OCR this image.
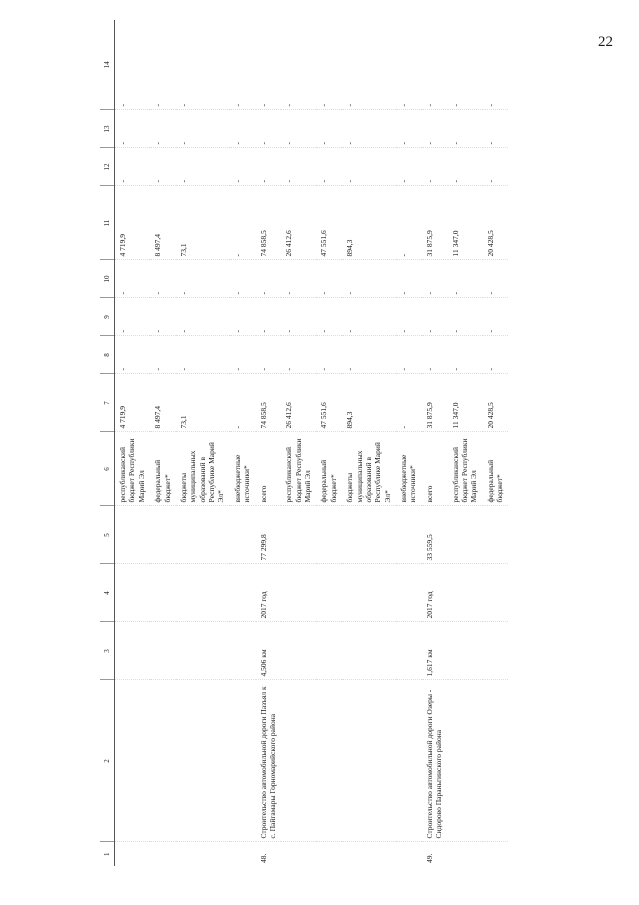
22
1	2	3	4	5	6	7	8	9	10	11	12	13	14
					республиканский бюджет Республики Марий Эл	4 719,9	-	-	-	4 719,9	-	-	-
					федеральный бюджет*	8 497,4	-	-	-	8 497,4	-	-	-
					бюджеты муниципальных образований в Республике Марий Эл*	73,1	-	-	-	73,1	-	-	-
					внебюджетные источники*	-	-	-	-	-	-	-	-
48.	Строительство автомобильной дороги Пазъял к с. Пайгамары Горномарийского района	4,506 км	2017 год	77 299,8	всего	74 858,5	-	-	-	74 858,5	-	-	-
					республиканский бюджет Республики Марий Эл	26 412,6	-	-	-	26 412,6	-	-	-
					федеральный бюджет*	47 551,6	-	-	-	47 551,6	-	-	-
					бюджеты муниципальных образований в Республике Марий Эл*	894,3	-	-	-	894,3	-	-	-
					внебюджетные источники*	-	-	-	-	-	-	-	-
49.	Строительство автомобильной дороги Озеры - Сидорово Параньгинского района	1,617 км	2017 год	33 559,5	всего	31 875,9	-	-	-	31 875,9	-	-	-
					республиканский бюджет Республики Марий Эл	11 347,0	-	-	-	11 347,0	-	-	-
					федеральный бюджет*	20 428,5	-	-	-	20 428,5	-	-	-
